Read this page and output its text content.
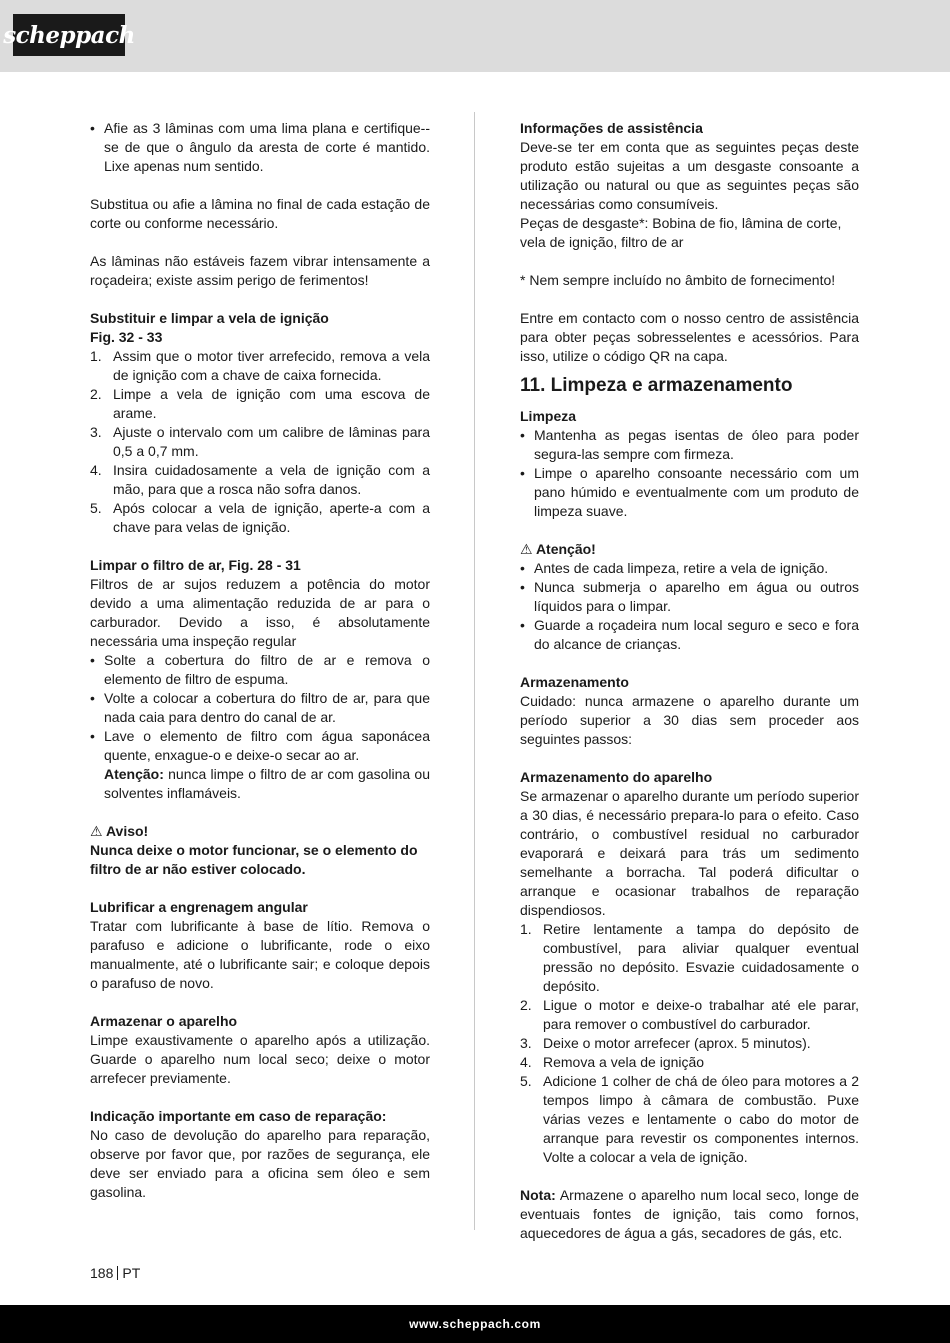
scheppach
• Afie as 3 lâminas com uma lima plana e certifique--se de que o ângulo da aresta de corte é mantido. Lixe apenas num sentido.

Substitua ou afie a lâmina no final de cada estação de corte ou conforme necessário.

As lâminas não estáveis fazem vibrar intensamente a roçadeira; existe assim perigo de ferimentos!

Substituir e limpar a vela de ignição

Fig. 32 - 33

1. Assim que o motor tiver arrefecido, remova a vela de ignição com a chave de caixa fornecida.
2. Limpe a vela de ignição com uma escova de arame.
3. Ajuste o intervalo com um calibre de lâminas para 0,5 a 0,7 mm.
4. Insira cuidadosamente a vela de ignição com a mão, para que a rosca não sofra danos.
5. Após colocar a vela de ignição, aperte-a com a chave para velas de ignição.

Limpar o filtro de ar, Fig. 28 - 31

Filtros de ar sujos reduzem a potência do motor devido a uma alimentação reduzida de ar para o carburador. Devido a isso, é absolutamente necessária uma inspeção regular

• Solte a cobertura do filtro de ar e remova o elemento de filtro de espuma.
• Volte a colocar a cobertura do filtro de ar, para que nada caia para dentro do canal de ar.
• Lave o elemento de filtro com água saponácea quente, enxague-o e deixe-o secar ao ar.
Atenção: nunca limpe o filtro de ar com gasolina ou solventes inflamáveis.

⚠ Aviso!

Nunca deixe o motor funcionar, se o elemento do filtro de ar não estiver colocado.

Lubrificar a engrenagem angular

Tratar com lubrificante à base de lítio. Remova o parafuso e adicione o lubrificante, rode o eixo manualmente, até o lubrificante sair; e coloque depois o parafuso de novo.

Armazenar o aparelho

Limpe exaustivamente o aparelho após a utilização. Guarde o aparelho num local seco; deixe o motor arrefecer previamente.

Indicação importante em caso de reparação:

No caso de devolução do aparelho para reparação, observe por favor que, por razões de segurança, ele deve ser enviado para a oficina sem óleo e sem gasolina.

Informações de assistência

Deve-se ter em conta que as seguintes peças deste produto estão sujeitas a um desgaste consoante a utilização ou natural ou que as seguintes peças são necessárias como consumíveis.

Peças de desgaste*: Bobina de fio, lâmina de corte, vela de ignição, filtro de ar

* Nem sempre incluído no âmbito de fornecimento!

Entre em contacto com o nosso centro de assistência para obter peças sobresselentes e acessórios. Para isso, utilize o código QR na capa.

11. Limpeza e armazenamento

Limpeza

• Mantenha as pegas isentas de óleo para poder segura-las sempre com firmeza.
• Limpe o aparelho consoante necessário com um pano húmido e eventualmente com um produto de limpeza suave.

⚠ Atenção!

• Antes de cada limpeza, retire a vela de ignição.
• Nunca submerja o aparelho em água ou outros líquidos para o limpar.
• Guarde a roçadeira num local seguro e seco e fora do alcance de crianças.

Armazenamento

Cuidado: nunca armazene o aparelho durante um período superior a 30 dias sem proceder aos seguintes passos:

Armazenamento do aparelho

Se armazenar o aparelho durante um período superior a 30 dias, é necessário prepara-lo para o efeito. Caso contrário, o combustível residual no carburador evaporará e deixará para trás um sedimento semelhante a borracha. Tal poderá dificultar o arranque e ocasionar trabalhos de reparação dispendiosos.

1. Retire lentamente a tampa do depósito de combustível, para aliviar qualquer eventual pressão no depósito. Esvazie cuidadosamente o depósito.
2. Ligue o motor e deixe-o trabalhar até ele parar, para remover o combustível do carburador.
3. Deixe o motor arrefecer (aprox. 5 minutos).
4. Remova a vela de ignição
5. Adicione 1 colher de chá de óleo para motores a 2 tempos limpo à câmara de combustão. Puxe várias vezes e lentamente o cabo do motor de arranque para revestir os componentes internos. Volte a colocar a vela de ignição.

Nota: Armazene o aparelho num local seco, longe de eventuais fontes de ignição, tais como fornos, aquecedores de água a gás, secadores de gás, etc.

188 PT
www.scheppach.com
